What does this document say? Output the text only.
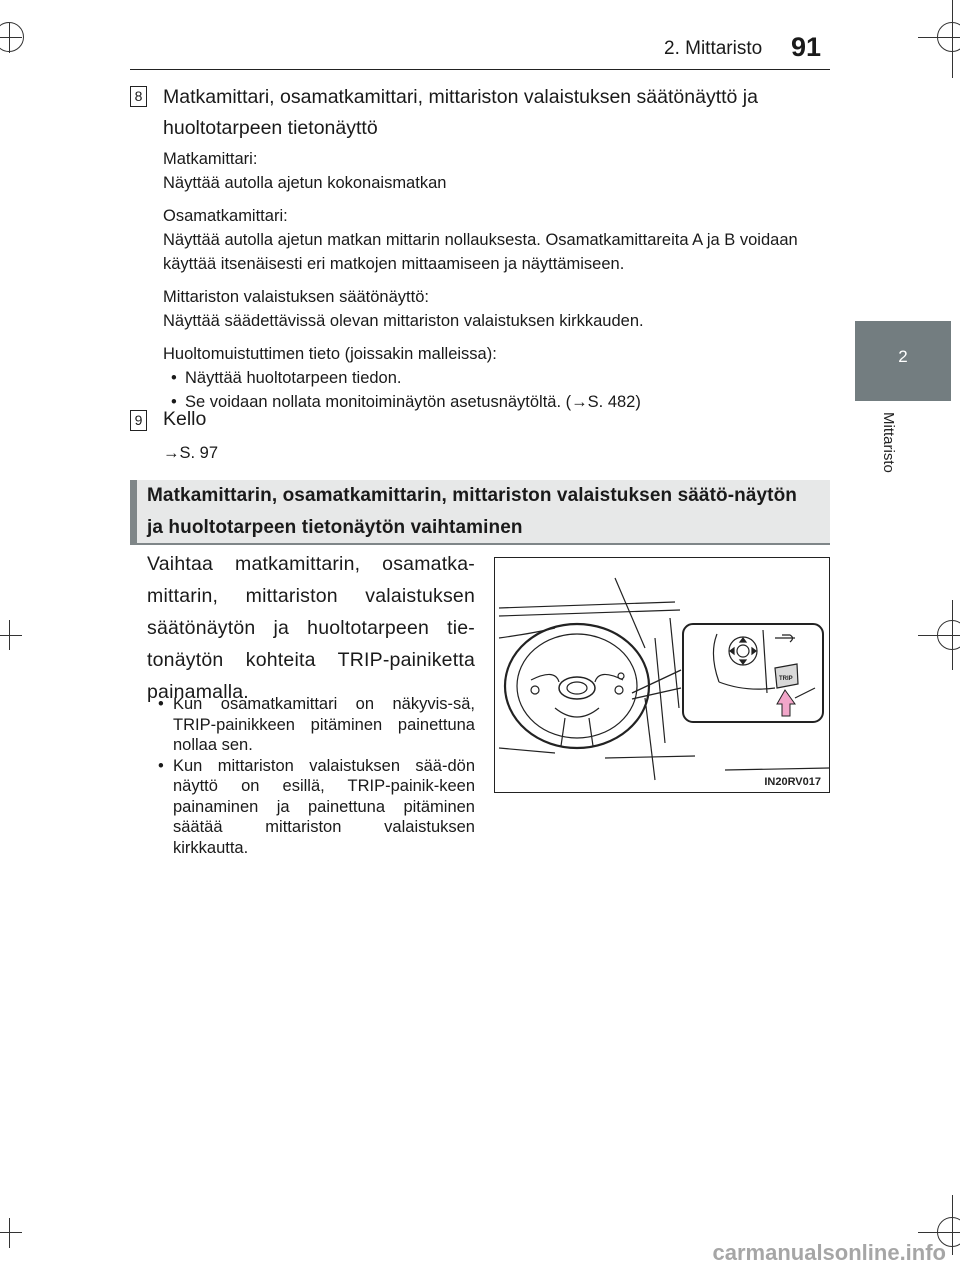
2. Mittaristo 91
2
Mittaristo
8 Matkamittari, osamatkamittari, mittariston valaistuksen säätönäyttö ja huoltotarpeen tietonäyttö
Matkamittari:
Näyttää autolla ajetun kokonaismatkan
Osamatkamittari:
Näyttää autolla ajetun matkan mittarin nollauksesta. Osamatkamittareita A ja B voidaan käyttää itsenäisesti eri matkojen mittaamiseen ja näyttämiseen.
Mittariston valaistuksen säätönäyttö:
Näyttää säädettävissä olevan mittariston valaistuksen kirkkauden.
Huoltomuistuttimen tieto (joissakin malleissa):
• Näyttää huoltotarpeen tiedon.
• Se voidaan nollata monitoiminäytön asetusnäytöltä. (→S. 482)
9 Kello
→S. 97
Matkamittarin, osamatkamittarin, mittariston valaistuksen säätö-näytön ja huoltotarpeen tietonäytön vaihtaminen
Vaihtaa matkamittarin, osamatka-mittarin, mittariston valaistuksen säätönäytön ja huoltotarpeen tie-tonäytön kohteita TRIP-painiketta painamalla.
• Kun osamatkamittari on näkyvis-sä, TRIP-painikkeen pitäminen painettuna nollaa sen.
• Kun mittariston valaistuksen sää-dön näyttö on esillä, TRIP-painik-keen painaminen ja painettuna pitäminen säätää mittariston valaistuksen kirkkautta.
TRIP
IN20RV017
carmanualsonline.info
